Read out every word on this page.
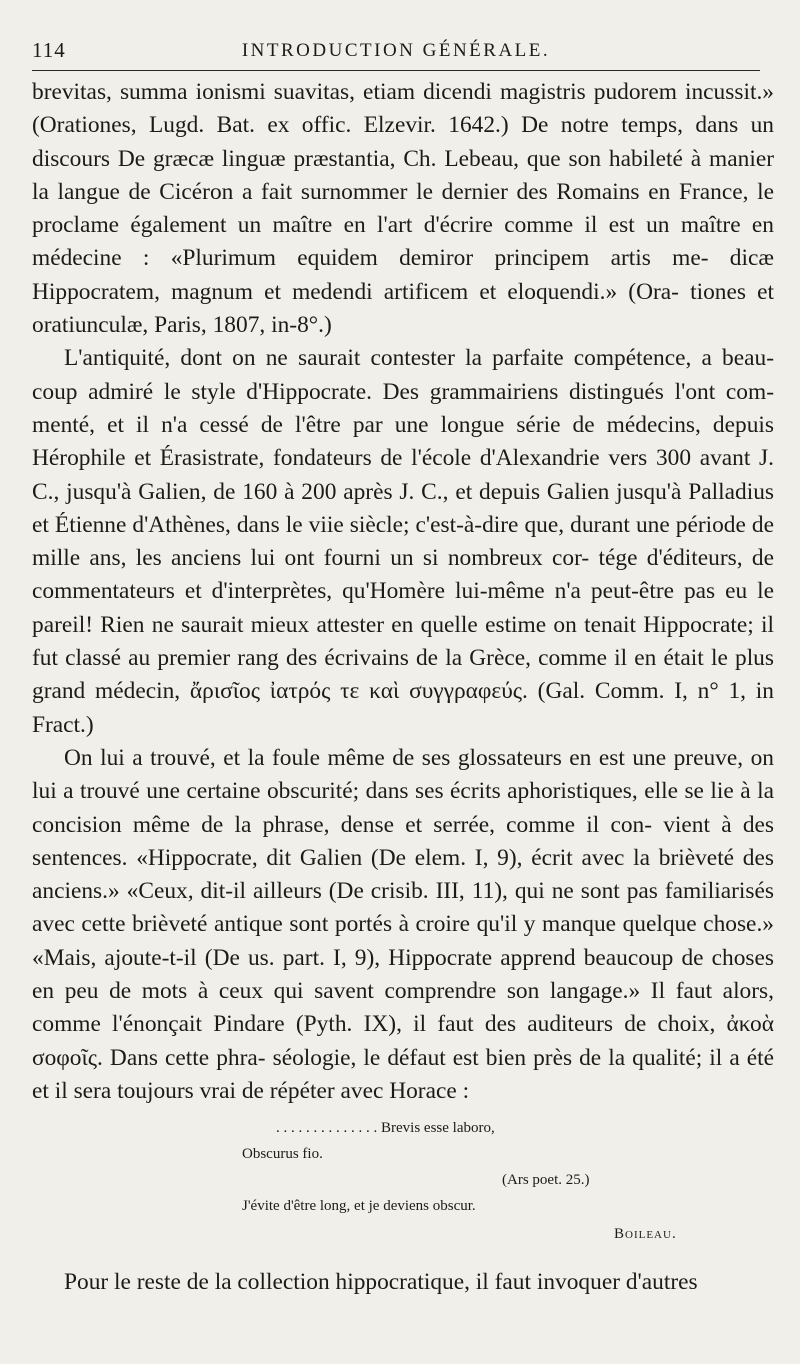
114	INTRODUCTION GÉNÉRALE.

brevitas, summa ionismi suavitas, etiam dicendi magistris pudorem incussit.» (Orationes, Lugd. Bat. ex offic. Elzevir. 1642.) De notre temps, dans un discours De græcæ linguæ præstantia, Ch. Lebeau, que son habileté à manier la langue de Cicéron a fait surnommer le dernier des Romains en France, le proclame également un maître en l'art d'écrire comme il est un maître en médecine : «Plurimum equidem demiror principem artis me- dicæ Hippocratem, magnum et medendi artificem et eloquendi.» (Ora- tiones et oratiunculæ, Paris, 1807, in-8°.)

L'antiquité, dont on ne saurait contester la parfaite compétence, a beau- coup admiré le style d'Hippocrate. Des grammairiens distingués l'ont com- menté, et il n'a cessé de l'être par une longue série de médecins, depuis Hérophile et Érasistrate, fondateurs de l'école d'Alexandrie vers 300 avant J. C., jusqu'à Galien, de 160 à 200 après J. C., et depuis Galien jusqu'à Palladius et Étienne d'Athènes, dans le viie siècle; c'est-à-dire que, durant une période de mille ans, les anciens lui ont fourni un si nombreux cor- tége d'éditeurs, de commentateurs et d'interprètes, qu'Homère lui-même n'a peut-être pas eu le pareil! Rien ne saurait mieux attester en quelle estime on tenait Hippocrate; il fut classé au premier rang des écrivains de la Grèce, comme il en était le plus grand médecin, ἄρισῖος ἰατρός τε καὶ συγγραφεύς. (Gal. Comm. I, n° 1, in Fract.)

On lui a trouvé, et la foule même de ses glossateurs en est une preuve, on lui a trouvé une certaine obscurité; dans ses écrits aphoristiques, elle se lie à la concision même de la phrase, dense et serrée, comme il con- vient à des sentences. «Hippocrate, dit Galien (De elem. I, 9), écrit avec la brièveté des anciens.» «Ceux, dit-il ailleurs (De crisib. III, 11), qui ne sont pas familiarisés avec cette brièveté antique sont portés à croire qu'il y manque quelque chose.» «Mais, ajoute-t-il (De us. part. I, 9), Hippocrate apprend beaucoup de choses en peu de mots à ceux qui savent comprendre son langage.» Il faut alors, comme l'énonçait Pindare (Pyth. IX), il faut des auditeurs de choix, ἀκοὰ σοφοῖς. Dans cette phra- séologie, le défaut est bien près de la qualité; il a été et il sera toujours vrai de répéter avec Horace :

. . . . . . . . . . . . . . Brevis esse laboro,
Obscurus fio.
(Ars poet. 25.)
J'évite d'être long, et je deviens obscur.
Boileau.

Pour le reste de la collection hippocratique, il faut invoquer d'autres
